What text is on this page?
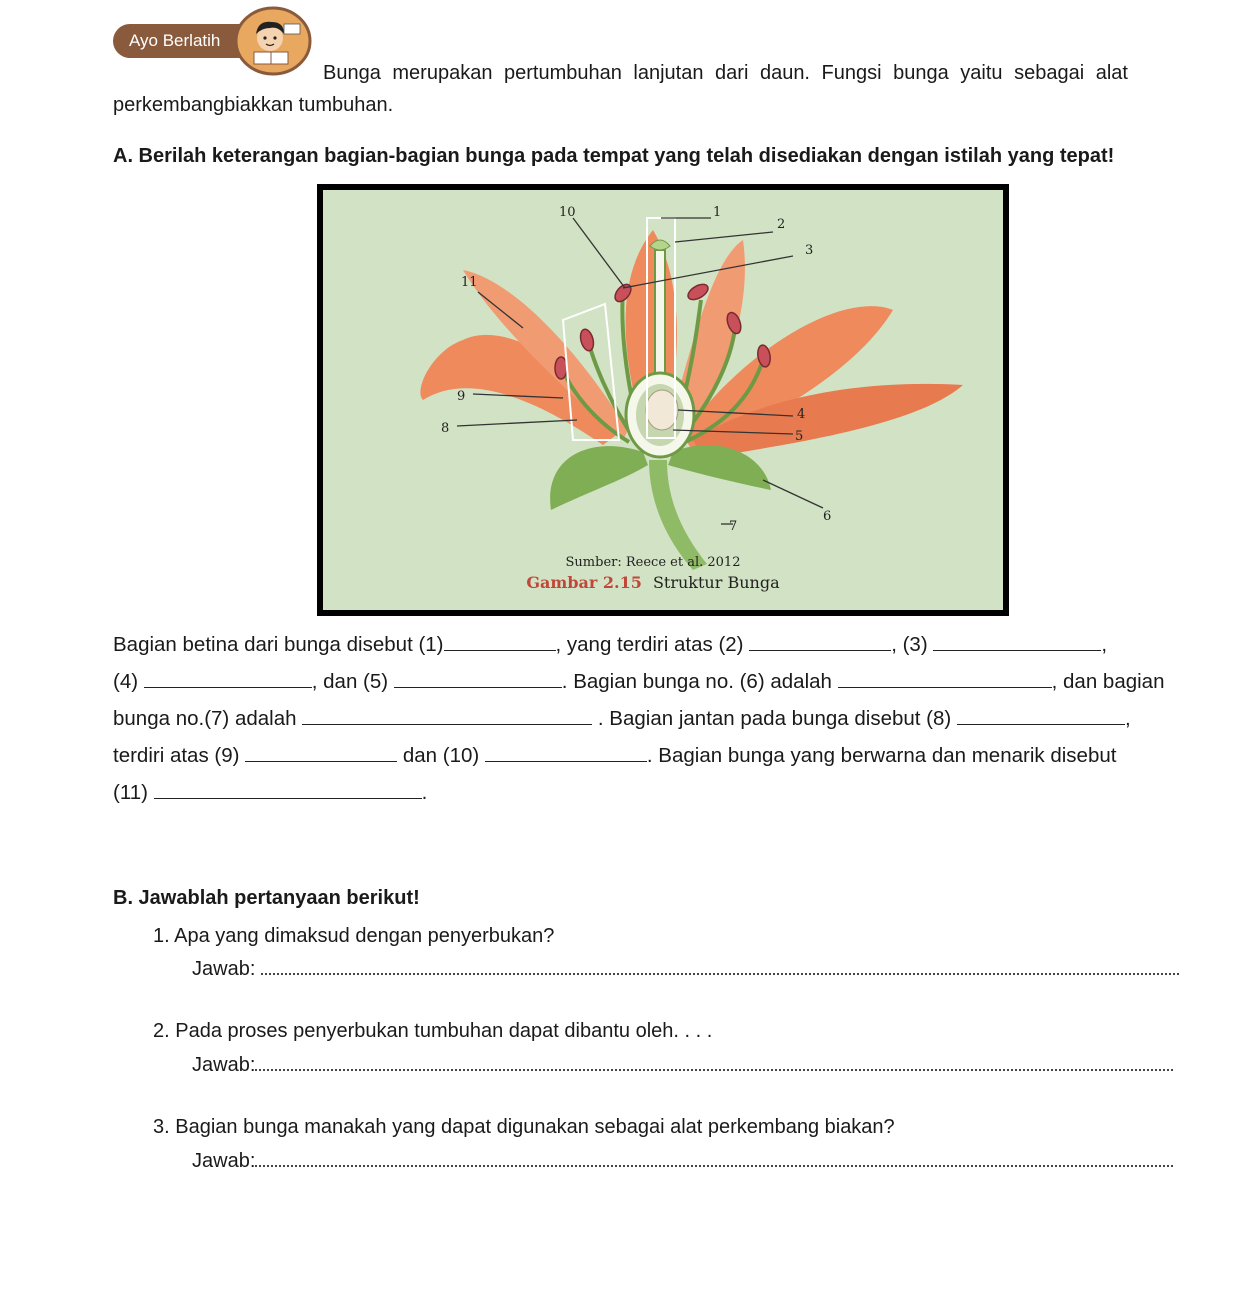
Ayo Berlatih
Bunga merupakan pertumbuhan lanjutan dari daun. Fungsi bunga yaitu sebagai alat
perkembangbiakkan tumbuhan.
A. Berilah keterangan bagian-bagian bunga pada tempat yang telah disediakan dengan istilah yang tepat!
1
2
3
4
5
6
7
8
9
10
11
Sumber: Reece et al. 2012
Gambar 2.15 Struktur Bunga
Bagian betina dari bunga disebut (1)	, yang terdiri atas (2)	, (3)	,
(4)	, dan (5)	. Bagian bunga no. (6) adalah	, dan bagian
bunga no.(7) adalah	. Bagian jantan pada bunga disebut (8)	,
terdiri atas (9)	dan (10)	. Bagian bunga yang berwarna dan menarik disebut
(11)	.
B. Jawablah pertanyaan berikut!
1. Apa yang dimaksud dengan penyerbukan?
Jawab:
2. Pada proses penyerbukan tumbuhan dapat dibantu oleh. . . .
Jawab:
3. Bagian bunga manakah yang dapat digunakan sebagai alat perkembang biakan?
Jawab:
